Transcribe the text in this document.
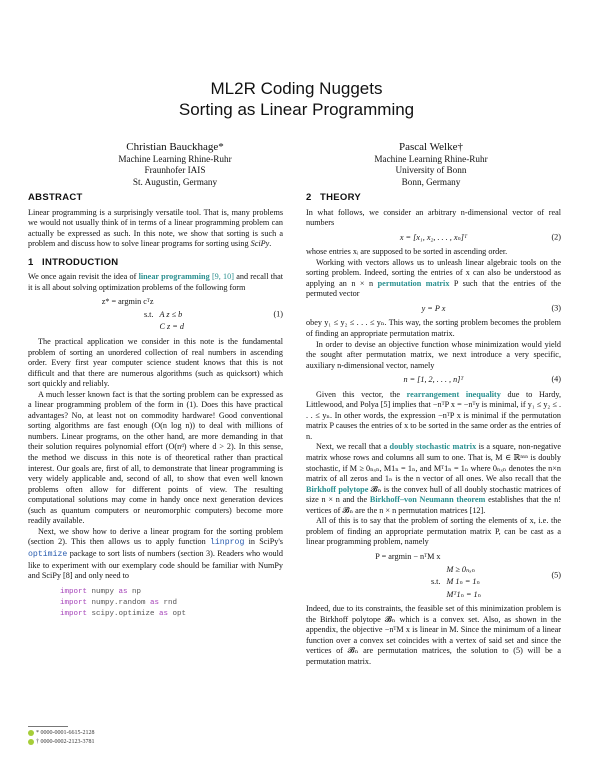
ML2R Coding Nuggets
Sorting as Linear Programming
Christian Bauckhage*
Machine Learning Rhine-Ruhr
Fraunhofer IAIS
St. Augustin, Germany
Pascal Welke†
Machine Learning Rhine-Ruhr
University of Bonn
Bonn, Germany
ABSTRACT

Linear programming is a surprisingly versatile tool. That is, many problems we would not usually think of in terms of a linear programming problem can actually be expressed as such. In this note, we show that sorting is such a problem and discuss how to solve linear programs for sorting using SciPy.

1 INTRODUCTION

We once again revisit the idea of linear programming [9, 10] and recall that it is all about solving optimization problems of the following form

z* = argmin cᵀz
s.t. A z ≤ b
C z = d
(1)

The practical application we consider in this note is the fundamental problem of sorting an unordered collection of real numbers in ascending order. Every first year computer science student knows that this is not difficult and that there are numerous algorithms (such as quicksort) which sort quickly and reliably.

A much lesser known fact is that the sorting problem can be expressed as a linear programming problem of the form in (1). Does this have practical advantages? No, at least not on commodity hardware! Good conventional sorting algorithms are fast enough (O(n log n)) to deal with millions of numbers. Linear programs, on the other hand, are more demanding in that their solution requires polynomial effort (O(nᵈ) where d > 2). In this sense, the method we discuss in this note is of theoretical rather than practical interest. Our goals are, first of all, to demonstrate that linear programming is very widely applicable and, second of all, to show that even well known problems often allow for different points of view. The resulting computational solutions may come in handy once next generation devices (such as quantum computers or neuromorphic computers) become more readily available.

Next, we show how to derive a linear program for the sorting problem (section 2). This then allows us to apply function linprog in SciPy's optimize package to sort lists of numbers (section 3). Readers who would like to experiment with our exemplary code should be familiar with NumPy and SciPy [8] and only need to

import numpy as np
import numpy.random as rnd
import scipy.optimize as opt
2 THEORY

In what follows, we consider an arbitrary n-dimensional vector of real numbers

x = [x₁, x₂, . . . , xₙ]ᵀ	(2)

whose entries xᵢ are supposed to be sorted in ascending order.

Working with vectors allows us to unleash linear algebraic tools on the sorting problem. Indeed, sorting the entries of x can also be understood as applying an n × n permutation matrix P such that the entries of the permuted vector

y = P x	(3)

obey y₁ ≤ y₂ ≤ . . . ≤ yₙ. This way, the sorting problem becomes the problem of finding an appropriate permutation matrix.

In order to devise an objective function whose minimization would yield the sought after permutation matrix, we next introduce a very specific, auxiliary n-dimensional vector, namely

n = [1, 2, . . . , n]ᵀ	(4)

Given this vector, the rearrangement inequality due to Hardy, Littlewood, and Polya [5] implies that −nᵀP x = −nᵀy is minimal, if y₁ ≤ y₂ ≤ . . . ≤ yₙ. In other words, the expression −nᵀP x is minimal if the permutation matrix P causes the entries of x to be sorted in the same order as the entries of n.

Next, we recall that a doubly stochastic matrix is a square, non-negative matrix whose rows and columns all sum to one. That is, M ∈ ℝⁿˣⁿ is doubly stochastic, if M ≥ 0ₙₓₙ, M1ₙ = 1ₙ, and Mᵀ1ₙ = 1ₙ where 0ₙₓₙ denotes the n×n matrix of all zeros and 1ₙ is the n vector of all ones. We also recall that the Birkhoff polytope 𝓑ₙ is the convex hull of all doubly stochastic matrices of size n × n and the Birkhoff–von Neumann theorem establishes that the n! vertices of 𝓑ₙ are the n × n permutation matrices [12].

All of this is to say that the problem of sorting the elements of x, i.e. the problem of finding an appropriate permutation matrix P, can be cast as a linear programming problem, namely

P = argmin − nᵀM x
M ≥ 0ₙₓₙ
s.t. M 1ₙ = 1ₙ
Mᵀ1ₙ = 1ₙ
(5)

Indeed, due to its constraints, the feasible set of this minimization problem is the Birkhoff polytope 𝓑ₙ which is a convex set. Also, as shown in the appendix, the objective −nᵀM x is linear in M. Since the minimum of a linear function over a convex set coincides with a vertex of said set and since the vertices of 𝓑ₙ are permutation matrices, the solution to (5) will be a permutation matrix.

* 0000-0001-6615-2128
† 0000-0002-2123-3781
